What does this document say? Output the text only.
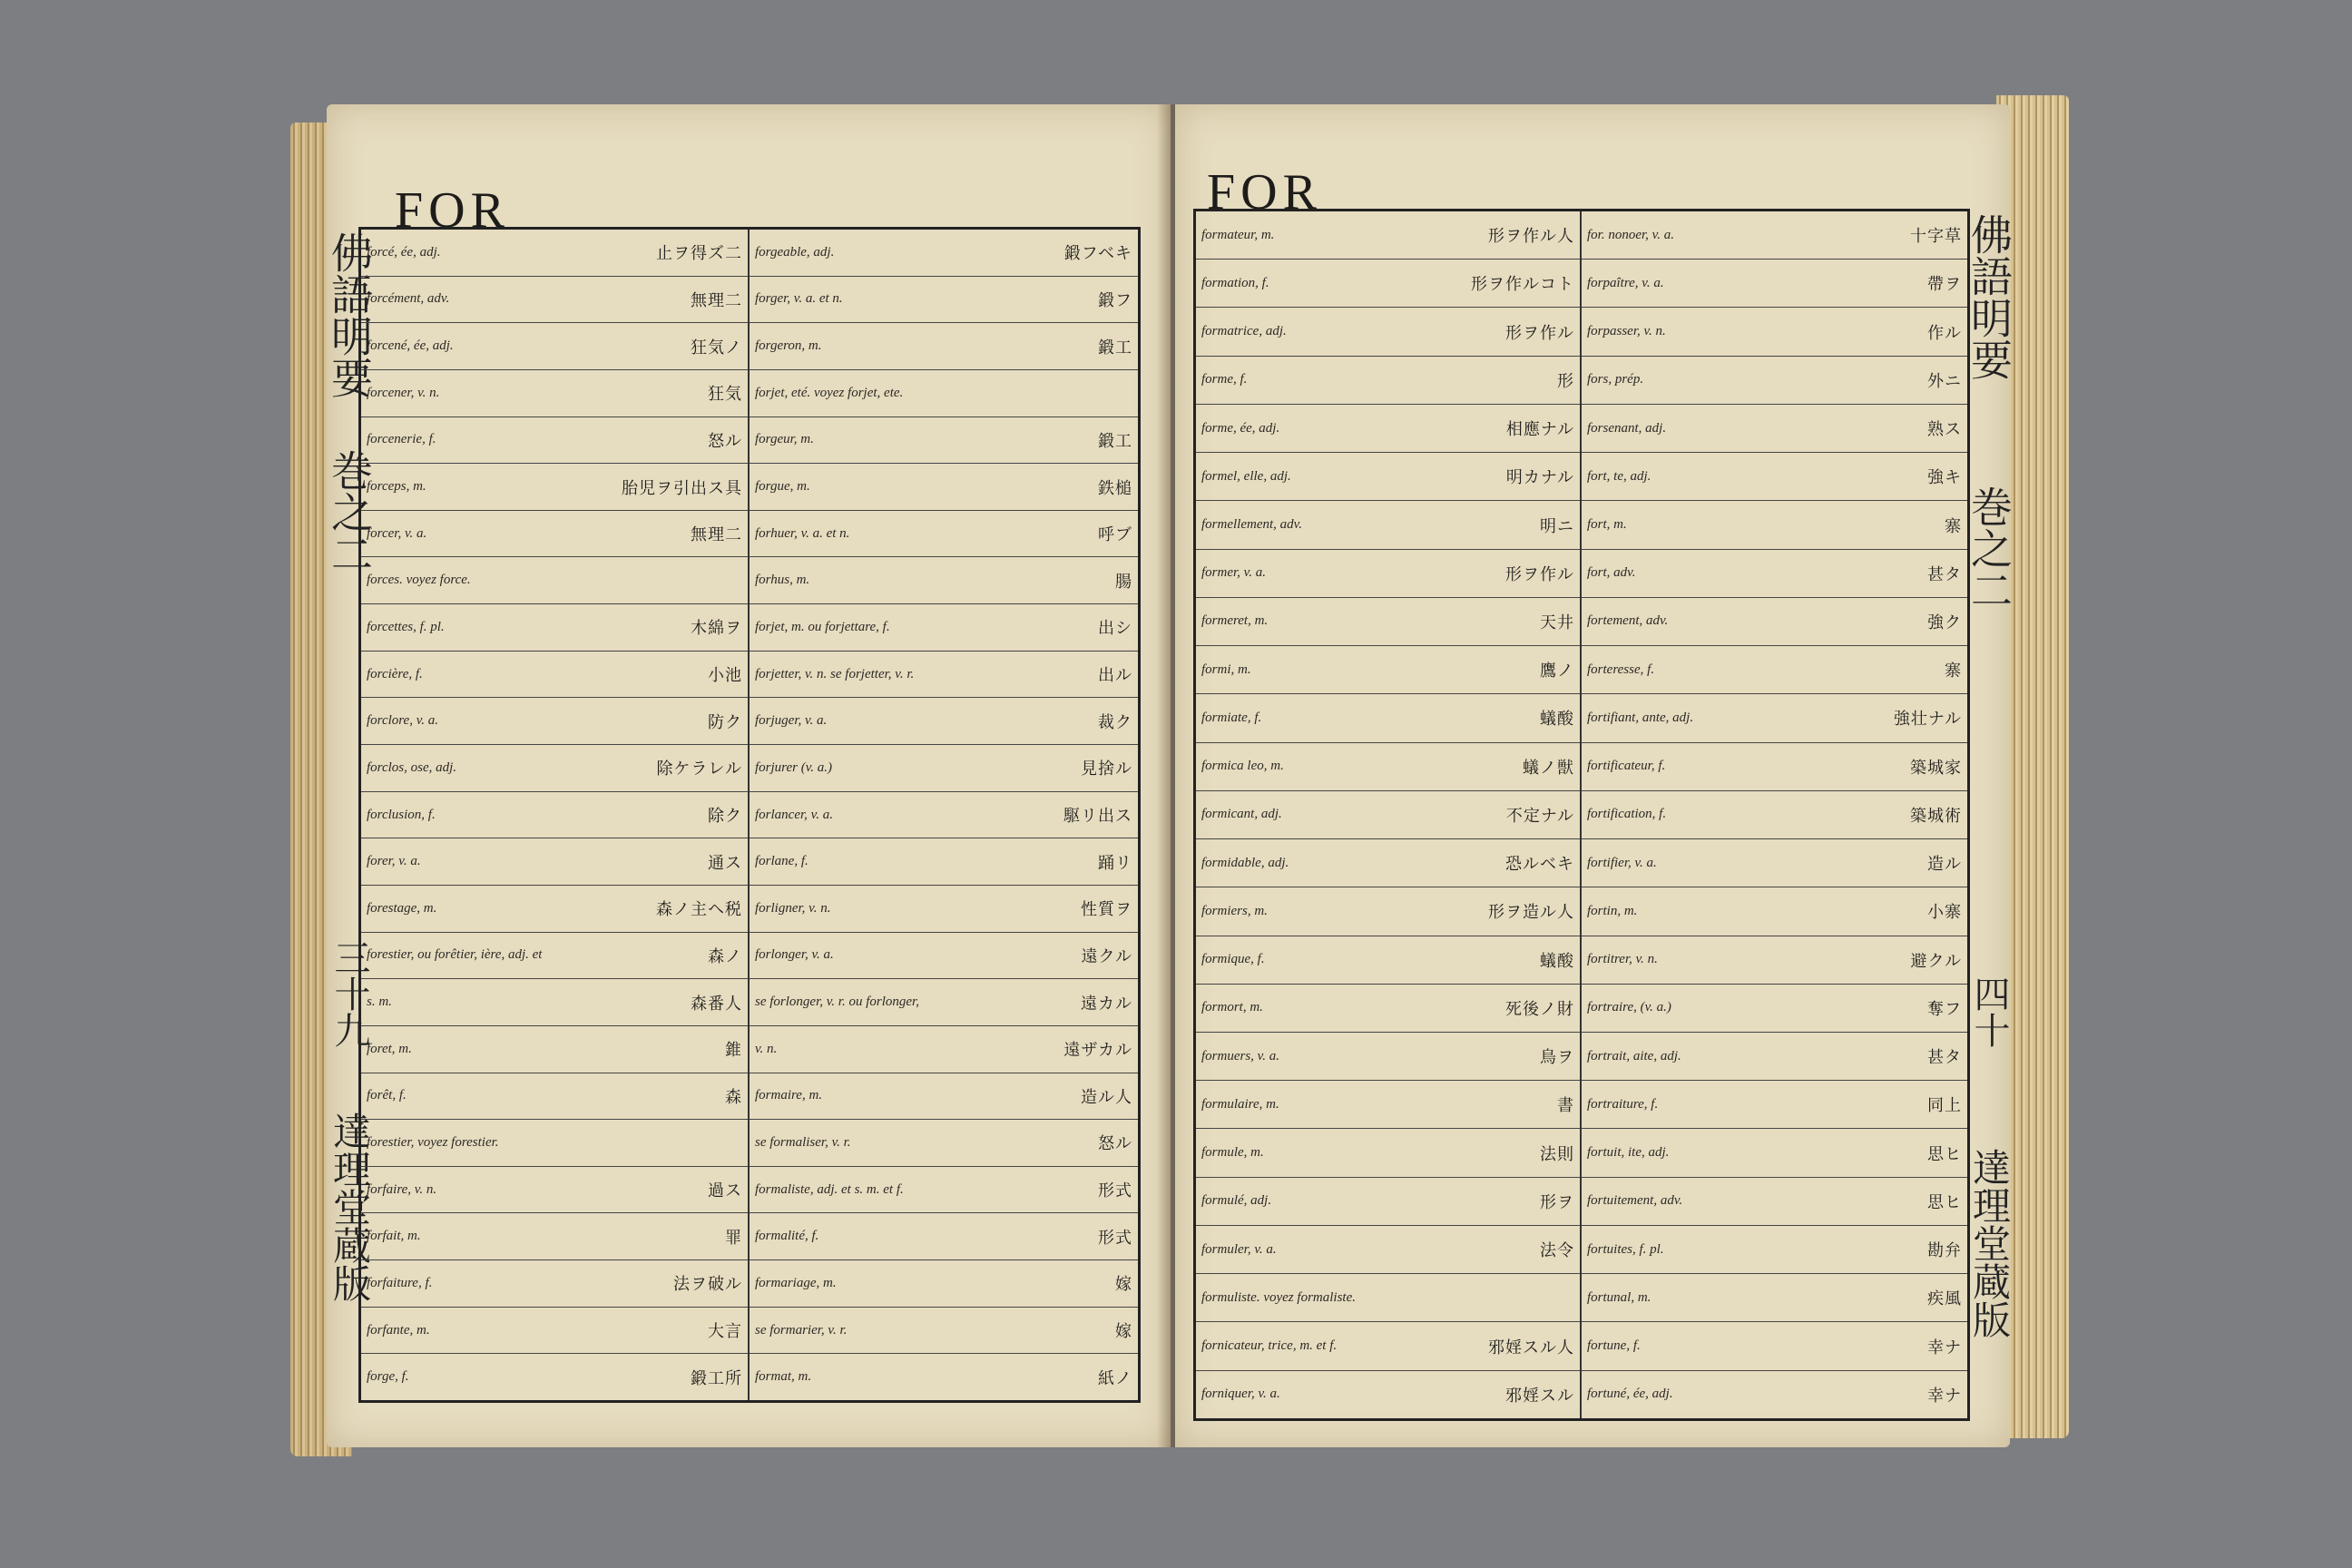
FOR
佛語明要
巻之二
三十九
達理堂蔵版
forcé, ée, adj.	止ヲ得ズ二
forcément, adv.	無理二
forcené, ée, adj.	狂気ノ
forcener, v. n.	狂気
forcenerie, f.	怒ル
forceps, m.	胎児ヲ引出ス具
forcer, v. a.	無理二
forces. voyez force.
forcettes, f. pl.	木綿ヲ
forcière, f.	小池
forclore, v. a.	防ク
forclos, ose, adj.	除ケラレル
forclusion, f.	除ク
forer, v. a.	通ス
forestage, m.	森ノ主ヘ税
forestier, ou forêtier, ière, adj. et	森ノ
s. m.	森番人
foret, m.	錐
forêt, f.	森
forestier, voyez forestier.
forfaire, v. n.	過ス
forfait, m.	罪
forfaiture, f.	法ヲ破ル
forfante, m.	大言
forge, f.	鍛工所
forgeable, adj.	鍛フベキ
forger, v. a. et n.	鍛フ
forgeron, m.	鍛工
forjet, eté. voyez forjet, ete.
forgeur, m.	鍛工
forgue, m.	鉄槌
forhuer, v. a. et n.	呼ブ
forhus, m.	腸
forjet, m. ou forjettare, f.	出シ
forjetter, v. n. se forjetter, v. r.	出ル
forjuger, v. a.	裁ク
forjurer (v. a.)	見捨ル
forlancer, v. a.	駆リ出ス
forlane, f.	踊リ
forligner, v. n.	性質ヲ
forlonger, v. a.	遠クル
se forlonger, v. r. ou forlonger,	遠カル
v. n.	遠ザカル
formaire, m.	造ル人
se formaliser, v. r.	怒ル
formaliste, adj. et s. m. et f.	形式
formalité, f.	形式
formariage, m.	嫁
se formarier, v. r.	嫁
format, m.	紙ノ
FOR
佛語明要
巻之二
四十
達理堂蔵版
formateur, m.	形ヲ作ル人
formation, f.	形ヲ作ルコト
formatrice, adj.	形ヲ作ル
forme, f.	形
forme, ée, adj.	相應ナル
formel, elle, adj.	明カナル
formellement, adv.	明ニ
former, v. a.	形ヲ作ル
formeret, m.	天井
formi, m.	鷹ノ
formiate, f.	蟻酸
formica leo, m.	蟻ノ獣
formicant, adj.	不定ナル
formidable, adj.	恐ルベキ
formiers, m.	形ヲ造ル人
formique, f.	蟻酸
formort, m.	死後ノ財
formuers, v. a.	鳥ヲ
formulaire, m.	書
formule, m.	法則
formulé, adj.	形ヲ
formuler, v. a.	法令
formuliste. voyez formaliste.
fornicateur, trice, m. et f.	邪婬スル人
forniquer, v. a.	邪婬スル
for. nonoer, v. a.	十字草
forpaître, v. a.	帶ヲ
forpasser, v. n.	作ル
fors, prép.	外ニ
forsenant, adj.	熟ス
fort, te, adj.	強キ
fort, m.	寨
fort, adv.	甚タ
fortement, adv.	強ク
forteresse, f.	寨
fortifiant, ante, adj.	強壮ナル
fortificateur, f.	築城家
fortification, f.	築城術
fortifier, v. a.	造ル
fortin, m.	小寨
fortitrer, v. n.	避クル
fortraire, (v. a.)	奪フ
fortrait, aite, adj.	甚タ
fortraiture, f.	同上
fortuit, ite, adj.	思ヒ
fortuitement, adv.	思ヒ
fortuites, f. pl.	勘弁
fortunal, m.	疾風
fortune, f.	幸ナ
fortuné, ée, adj.	幸ナ
